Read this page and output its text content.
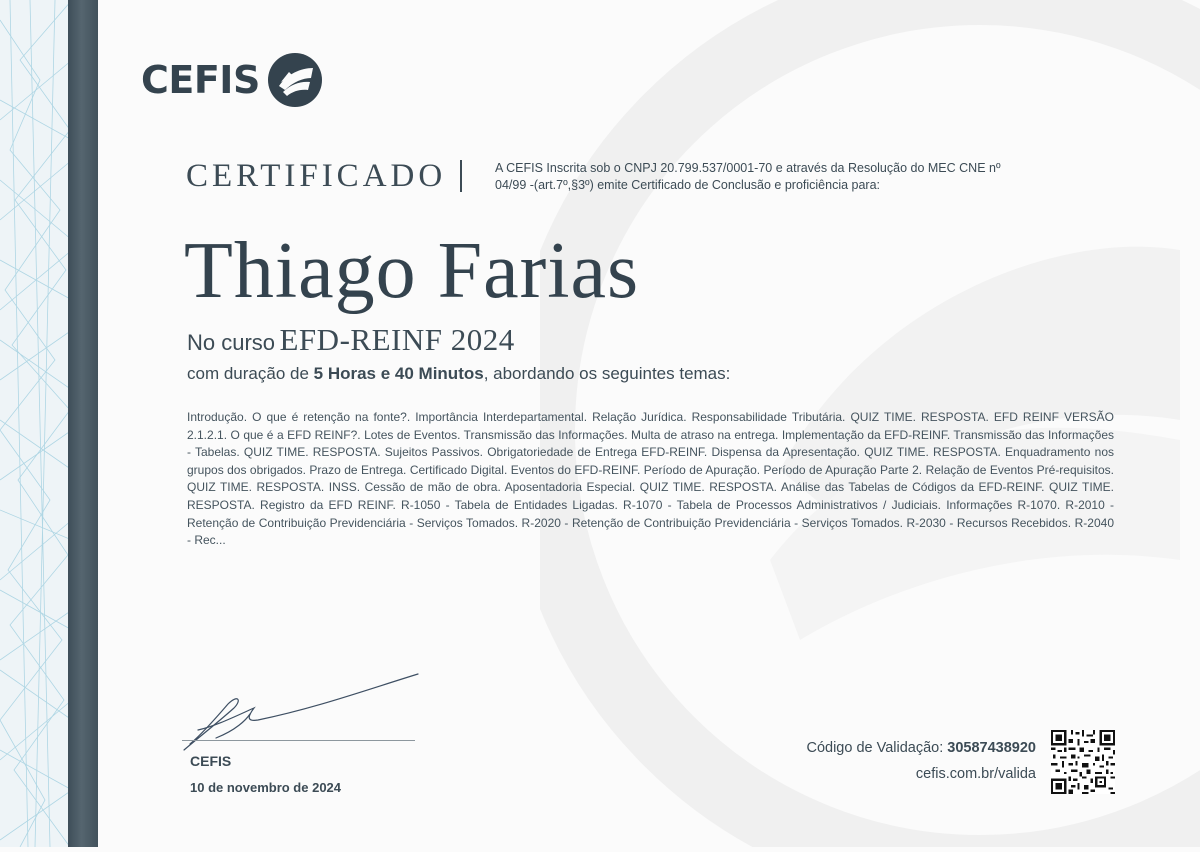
CEFIS
CERTIFICADO	A CEFIS Inscrita sob o CNPJ 20.799.537/0001-70 e através da Resolução do MEC CNE nº 04/99 -(art.7º,§3º) emite Certificado de Conclusão e proficiência para:
Thiago Farias
No curso EFD-REINF 2024
com duração de 5 Horas e 40 Minutos, abordando os seguintes temas:
Introdução. O que é retenção na fonte?. Importância Interdepartamental. Relação Jurídica. Responsabilidade Tributária. QUIZ TIME. RESPOSTA. EFD REINF VERSÃO 2.1.2.1. O que é a EFD REINF?. Lotes de Eventos. Transmissão das Informações. Multa de atraso na entrega. Implementação da EFD-REINF. Transmissão das Informações - Tabelas. QUIZ TIME. RESPOSTA. Sujeitos Passivos. Obrigatoriedade de Entrega EFD-REINF. Dispensa da Apresentação. QUIZ TIME. RESPOSTA. Enquadramento nos grupos dos obrigados. Prazo de Entrega. Certificado Digital. Eventos do EFD-REINF. Período de Apuração. Período de Apuração Parte 2. Relação de Eventos Pré-requisitos. QUIZ TIME. RESPOSTA. INSS. Cessão de mão de obra. Aposentadoria Especial. QUIZ TIME. RESPOSTA. Análise das Tabelas de Códigos da EFD-REINF. QUIZ TIME. RESPOSTA. Registro da EFD REINF. R-1050 - Tabela de Entidades Ligadas. R-1070 - Tabela de Processos Administrativos / Judiciais. Informações R-1070. R-2010 - Retenção de Contribuição Previdenciária - Serviços Tomados. R-2020 - Retenção de Contribuição Previdenciária - Serviços Tomados. R-2030 - Recursos Recebidos. R-2040 - Rec...
CEFIS
10 de novembro de 2024
Código de Validação: 30587438920
cefis.com.br/valida
